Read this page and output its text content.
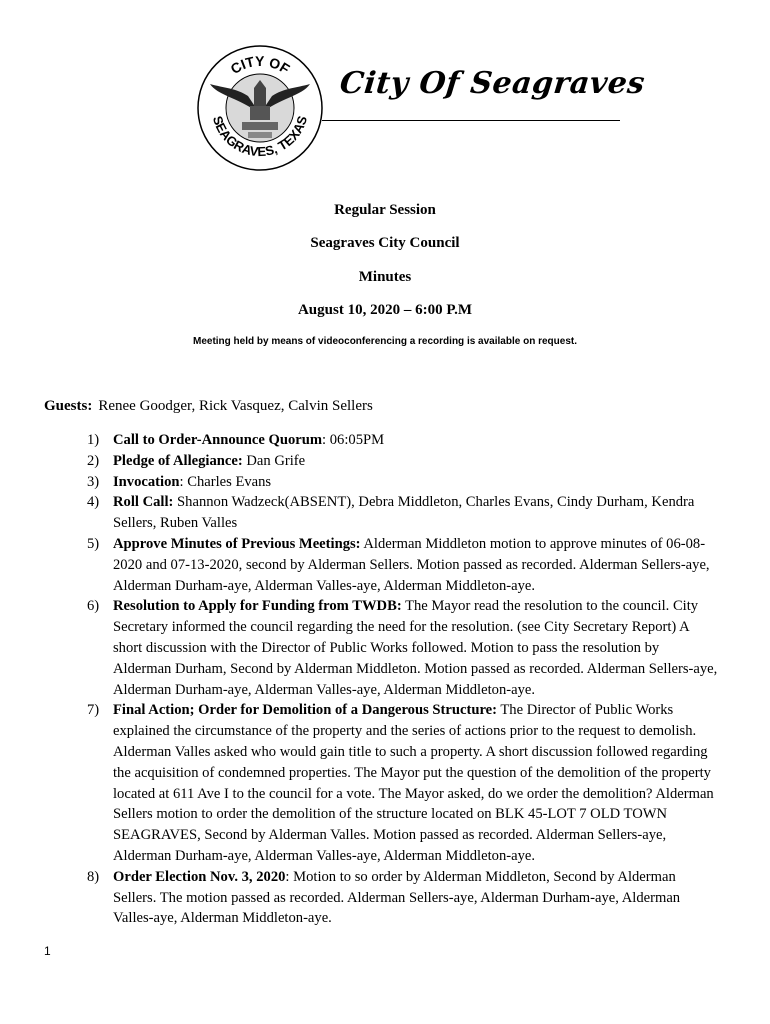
CITY OF
SEAGRAVES, TEXAS
City Of Seagraves
Regular Session
Seagraves City Council
Minutes
August 10, 2020 – 6:00 P.M
Meeting held by means of videoconferencing a recording is available on request.
Guests: Renee Goodger, Rick Vasquez, Calvin Sellers
1) Call to Order-Announce Quorum: 06:05PM
2) Pledge of Allegiance: Dan Grife
3) Invocation: Charles Evans
4) Roll Call: Shannon Wadzeck(ABSENT), Debra Middleton, Charles Evans, Cindy Durham, Kendra Sellers, Ruben Valles
5) Approve Minutes of Previous Meetings: Alderman Middleton motion to approve minutes of 06-08-2020 and 07-13-2020, second by Alderman Sellers. Motion passed as recorded. Alderman Sellers-aye, Alderman Durham-aye, Alderman Valles-aye, Alderman Middleton-aye.
6) Resolution to Apply for Funding from TWDB: The Mayor read the resolution to the council. City Secretary informed the council regarding the need for the resolution. (see City Secretary Report) A short discussion with the Director of Public Works followed. Motion to pass the resolution by Alderman Durham, Second by Alderman Middleton. Motion passed as recorded. Alderman Sellers-aye, Alderman Durham-aye, Alderman Valles-aye, Alderman Middleton-aye.
7) Final Action; Order for Demolition of a Dangerous Structure: The Director of Public Works explained the circumstance of the property and the series of actions prior to the request to demolish. Alderman Valles asked who would gain title to such a property. A short discussion followed regarding the acquisition of condemned properties. The Mayor put the question of the demolition of the property located at 611 Ave I to the council for a vote. The Mayor asked, do we order the demolition? Alderman Sellers motion to order the demolition of the structure located on BLK 45-LOT 7 OLD TOWN SEAGRAVES, Second by Alderman Valles. Motion passed as recorded. Alderman Sellers-aye, Alderman Durham-aye, Alderman Valles-aye, Alderman Middleton-aye.
8) Order Election Nov. 3, 2020: Motion to so order by Alderman Middleton, Second by Alderman Sellers. The motion passed as recorded. Alderman Sellers-aye, Alderman Durham-aye, Alderman Valles-aye, Alderman Middleton-aye.
1
